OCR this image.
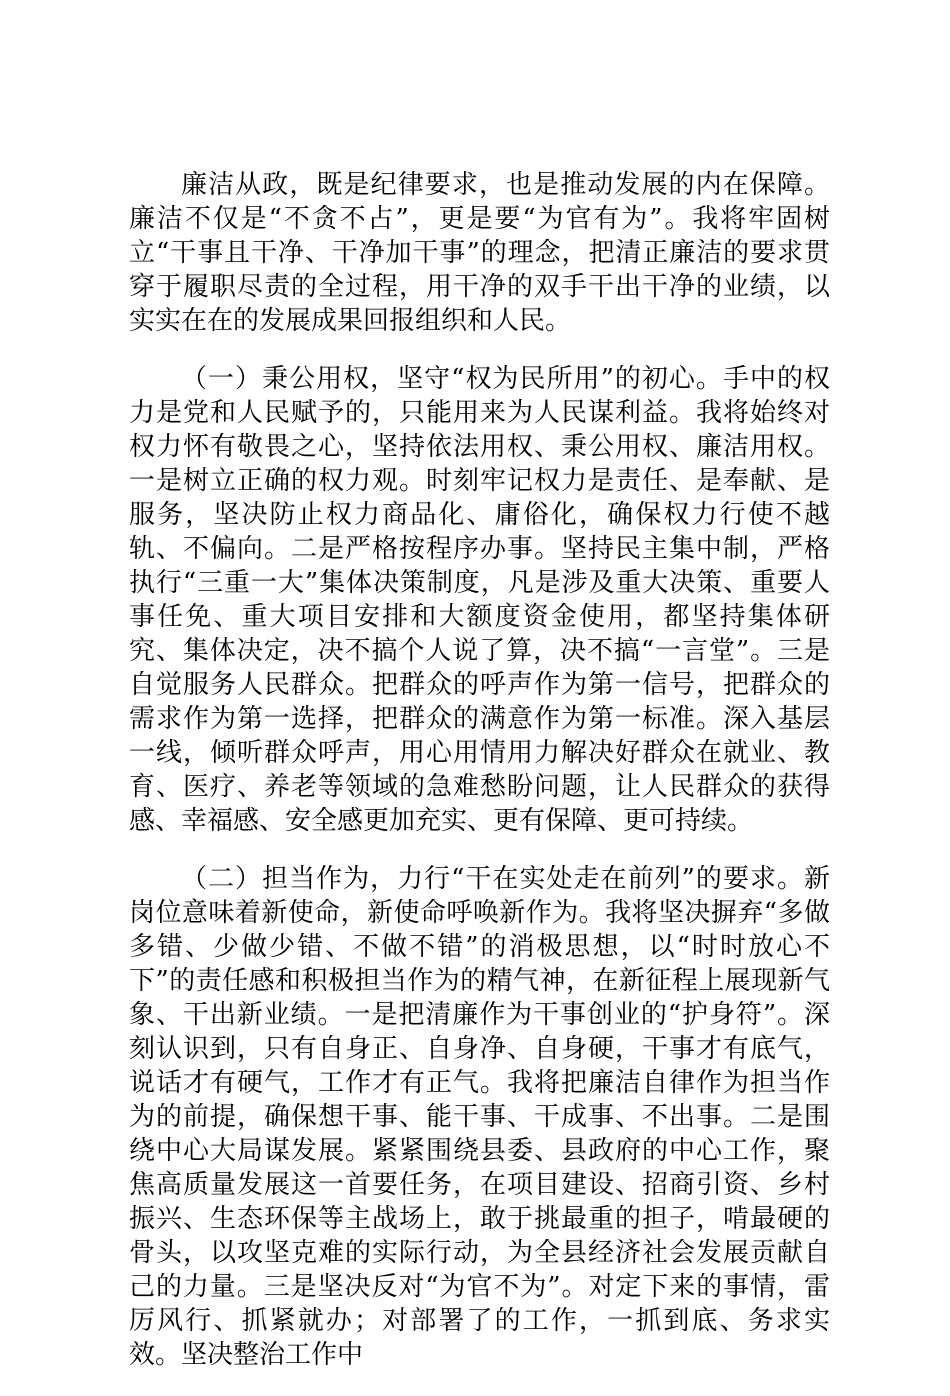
廉洁从政，既是纪律要求，也是推动发展的内在保障。廉洁不仅是“不贪不占”，更是要“为官有为”。我将牢固树立“干事且干净、干净加干事”的理念，把清正廉洁的要求贯穿于履职尽责的全过程，用干净的双手干出干净的业绩，以实实在在的发展成果回报组织和人民。

（一）秉公用权，坚守“权为民所用”的初心。手中的权力是党和人民赋予的，只能用来为人民谋利益。我将始终对权力怀有敬畏之心，坚持依法用权、秉公用权、廉洁用权。一是树立正确的权力观。时刻牢记权力是责任、是奉献、是服务，坚决防止权力商品化、庸俗化，确保权力行使不越轨、不偏向。二是严格按程序办事。坚持民主集中制，严格执行“三重一大”集体决策制度，凡是涉及重大决策、重要人事任免、重大项目安排和大额度资金使用，都坚持集体研究、集体决定，决不搞个人说了算，决不搞“一言堂”。三是自觉服务人民群众。把群众的呼声作为第一信号，把群众的需求作为第一选择，把群众的满意作为第一标准。深入基层一线，倾听群众呼声，用心用情用力解决好群众在就业、教育、医疗、养老等领域的急难愁盼问题，让人民群众的获得感、幸福感、安全感更加充实、更有保障、更可持续。

（二）担当作为，力行“干在实处走在前列”的要求。新岗位意味着新使命，新使命呼唤新作为。我将坚决摒弃“多做多错、少做少错、不做不错”的消极思想，以“时时放心不下”的责任感和积极担当作为的精气神，在新征程上展现新气象、干出新业绩。一是把清廉作为干事创业的“护身符”。深刻认识到，只有自身正、自身净、自身硬，干事才有底气，说话才有硬气，工作才有正气。我将把廉洁自律作为担当作为的前提，确保想干事、能干事、干成事、不出事。二是围绕中心大局谋发展。紧紧围绕县委、县政府的中心工作，聚焦高质量发展这一首要任务，在项目建设、招商引资、乡村振兴、生态环保等主战场上，敢于挑最重的担子，啃最硬的骨头，以攻坚克难的实际行动，为全县经济社会发展贡献自己的力量。三是坚决反对“为官不为”。对定下来的事情，雷厉风行、抓紧就办；对部署了的工作，一抓到底、务求实效。坚决整治工作中
